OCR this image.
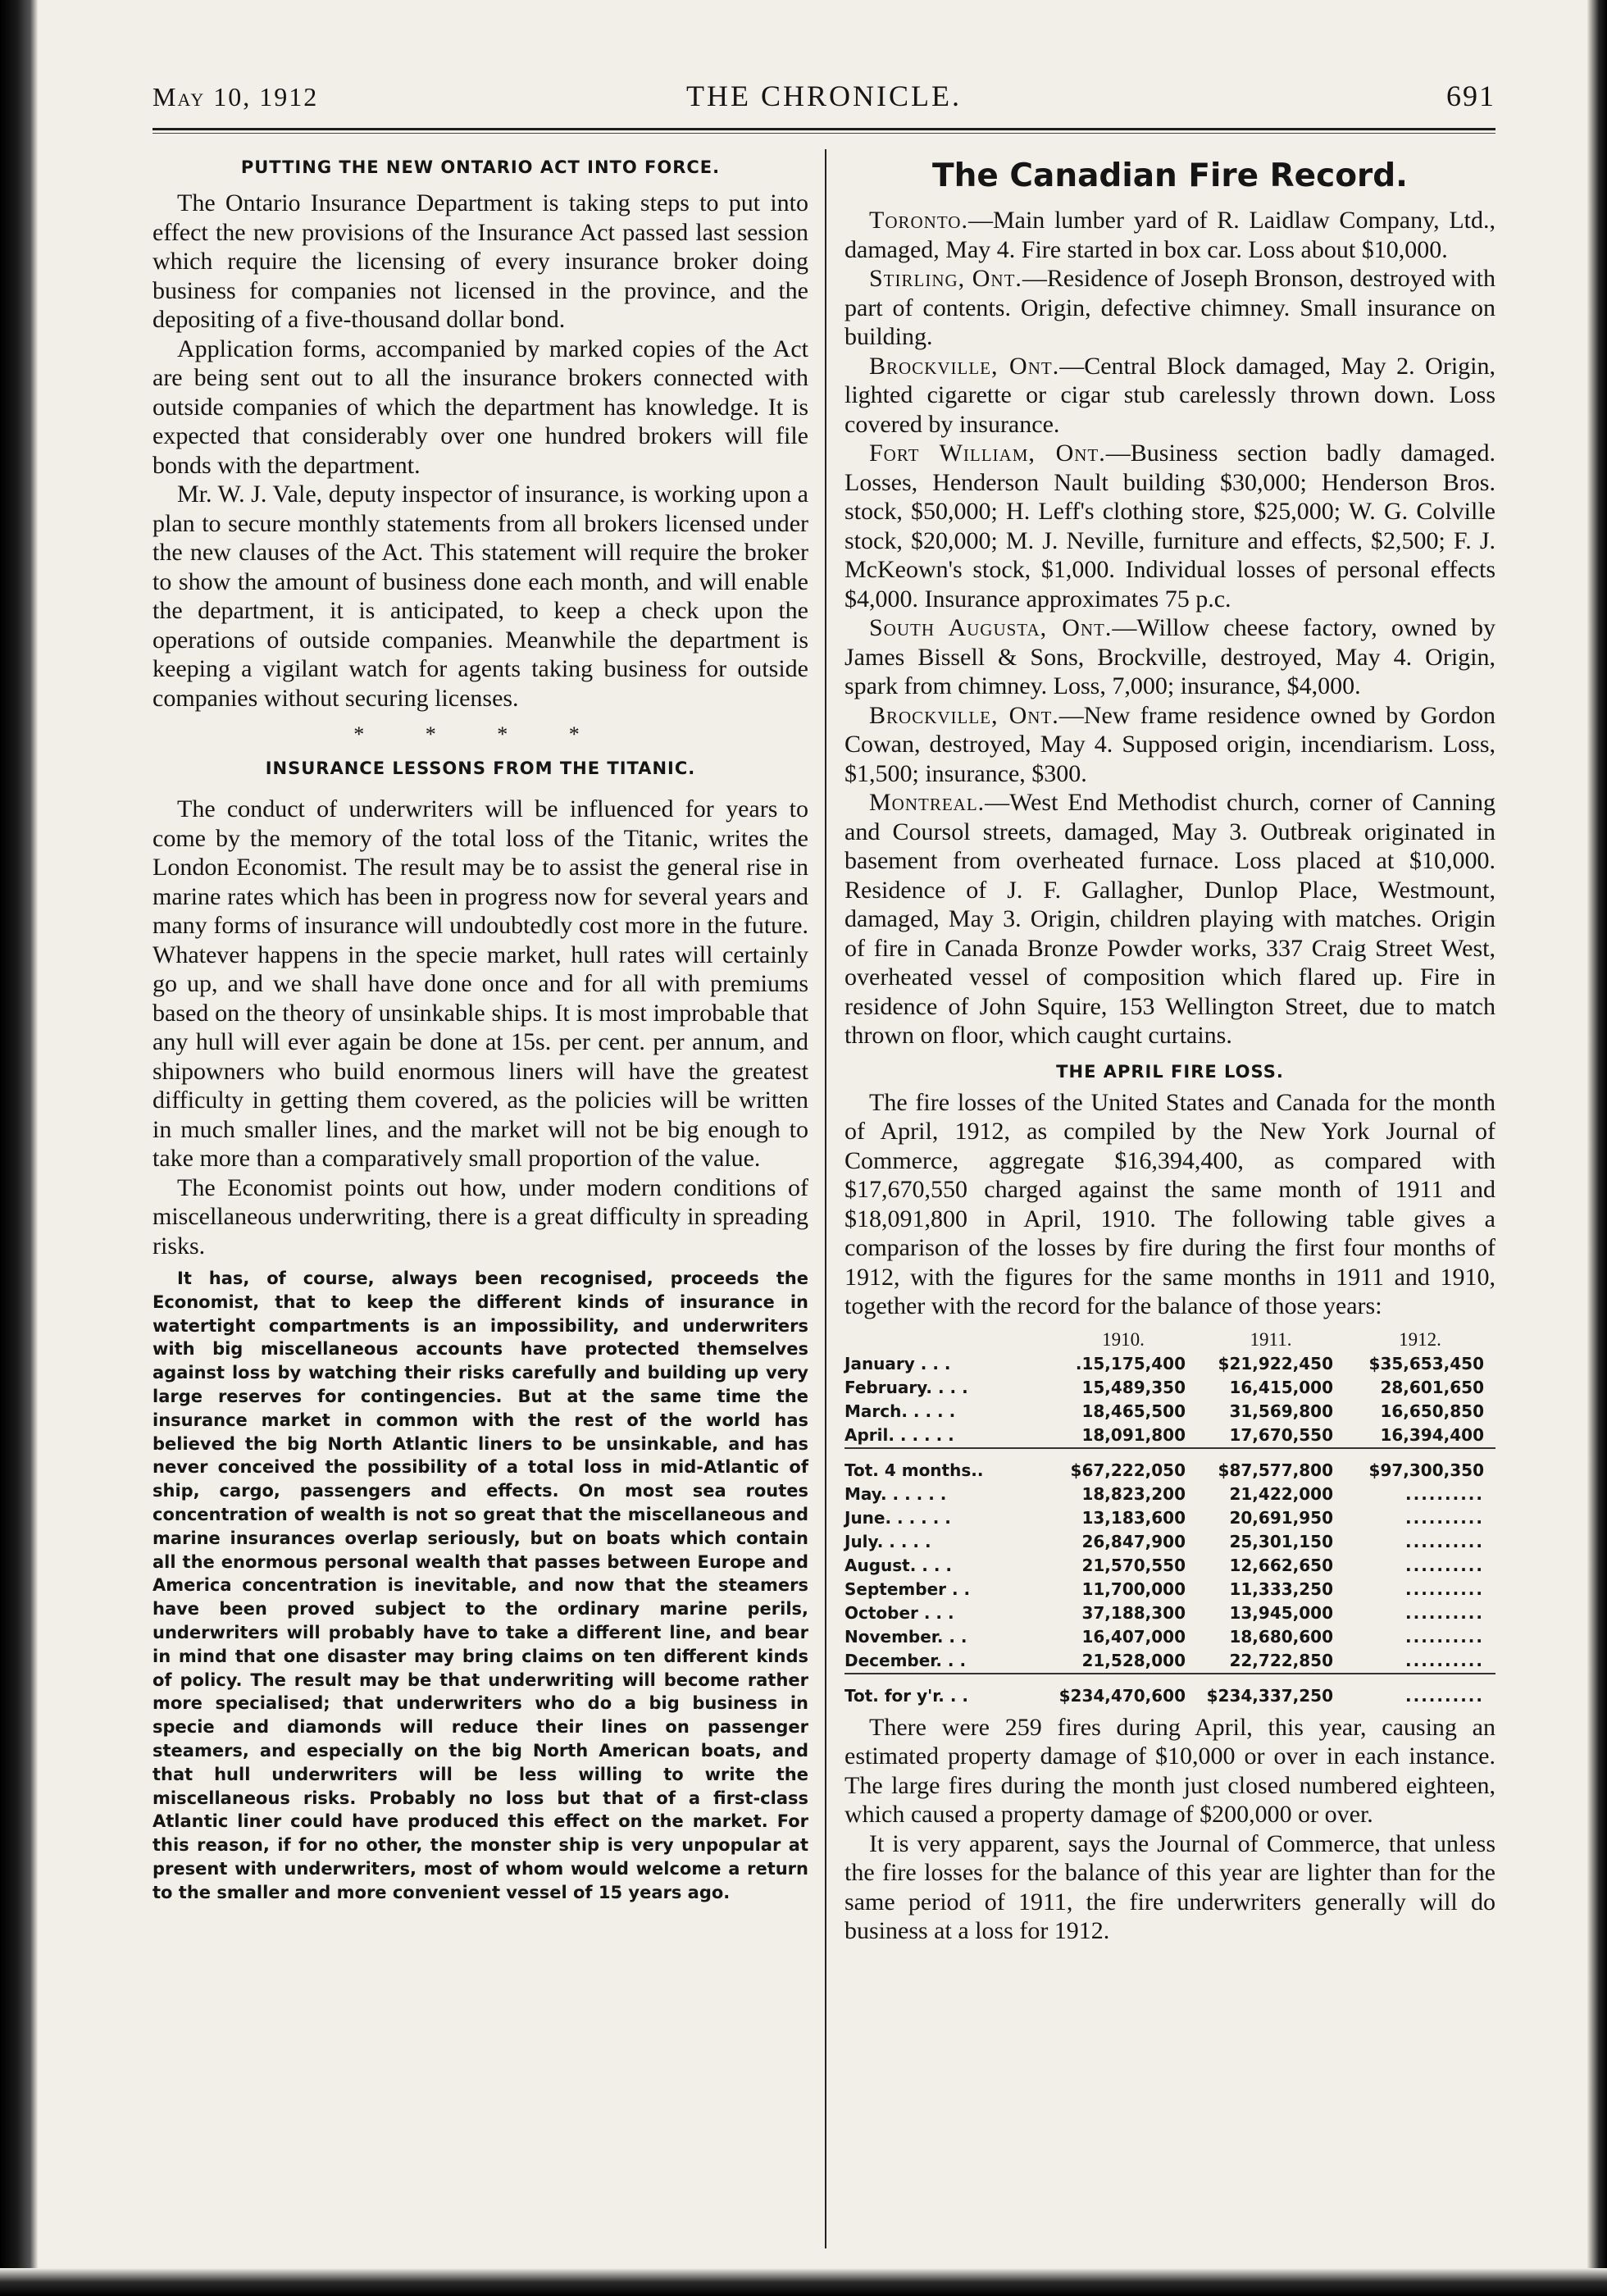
May 10, 1912	THE CHRONICLE.	691
PUTTING THE NEW ONTARIO ACT INTO FORCE.

The Ontario Insurance Department is taking steps to put into effect the new provisions of the Insurance Act passed last session which require the licensing of every insurance broker doing business for companies not licensed in the province, and the depositing of a five-thousand dollar bond.

Application forms, accompanied by marked copies of the Act are being sent out to all the insurance brokers connected with outside companies of which the department has knowledge. It is expected that considerably over one hundred brokers will file bonds with the department.

Mr. W. J. Vale, deputy inspector of insurance, is working upon a plan to secure monthly statements from all brokers licensed under the new clauses of the Act. This statement will require the broker to show the amount of business done each month, and will enable the department, it is anticipated, to keep a check upon the operations of outside companies. Meanwhile the department is keeping a vigilant watch for agents taking business for outside companies without securing licenses.

* * * *
INSURANCE LESSONS FROM THE TITANIC.

The conduct of underwriters will be influenced for years to come by the memory of the total loss of the Titanic, writes the London Economist. The result may be to assist the general rise in marine rates which has been in progress now for several years and many forms of insurance will undoubtedly cost more in the future. Whatever happens in the specie market, hull rates will certainly go up, and we shall have done once and for all with premiums based on the theory of unsinkable ships. It is most improbable that any hull will ever again be done at 15s. per cent. per annum, and shipowners who build enormous liners will have the greatest difficulty in getting them covered, as the policies will be written in much smaller lines, and the market will not be big enough to take more than a comparatively small proportion of the value.

The Economist points out how, under modern conditions of miscellaneous underwriting, there is a great difficulty in spreading risks.

It has, of course, always been recognised, proceeds the Economist, that to keep the different kinds of insurance in watertight compartments is an impossibility, and underwriters with big miscellaneous accounts have protected themselves against loss by watching their risks carefully and building up very large reserves for contingencies. But at the same time the insurance market in common with the rest of the world has believed the big North Atlantic liners to be unsinkable, and has never conceived the possibility of a total loss in mid-Atlantic of ship, cargo, passengers and effects. On most sea routes concentration of wealth is not so great that the miscellaneous and marine insurances overlap seriously, but on boats which contain all the enormous personal wealth that passes between Europe and America concentration is inevitable, and now that the steamers have been proved subject to the ordinary marine perils, underwriters will probably have to take a different line, and bear in mind that one disaster may bring claims on ten different kinds of policy. The result may be that underwriting will become rather more specialised; that underwriters who do a big business in specie and diamonds will reduce their lines on passenger steamers, and especially on the big North American boats, and that hull underwriters will be less willing to write the miscellaneous risks. Probably no loss but that of a first-class Atlantic liner could have produced this effect on the market. For this reason, if for no other, the monster ship is very unpopular at present with underwriters, most of whom would welcome a return to the smaller and more convenient vessel of 15 years ago.

The Canadian Fire Record.

Toronto.—Main lumber yard of R. Laidlaw Company, Ltd., damaged, May 4. Fire started in box car. Loss about $10,000.

Stirling, Ont.—Residence of Joseph Bronson, destroyed with part of contents. Origin, defective chimney. Small insurance on building.

Brockville, Ont.—Central Block damaged, May 2. Origin, lighted cigarette or cigar stub carelessly thrown down. Loss covered by insurance.

Fort William, Ont.—Business section badly damaged. Losses, Henderson Nault building $30,000; Henderson Bros. stock, $50,000; H. Leff's clothing store, $25,000; W. G. Colville stock, $20,000; M. J. Neville, furniture and effects, $2,500; F. J. McKeown's stock, $1,000. Individual losses of personal effects $4,000. Insurance approximates 75 p.c.

South Augusta, Ont.—Willow cheese factory, owned by James Bissell & Sons, Brockville, destroyed, May 4. Origin, spark from chimney. Loss, 7,000; insurance, $4,000.

Brockville, Ont.—New frame residence owned by Gordon Cowan, destroyed, May 4. Supposed origin, incendiarism. Loss, $1,500; insurance, $300.

Montreal.—West End Methodist church, corner of Canning and Coursol streets, damaged, May 3. Outbreak originated in basement from overheated furnace. Loss placed at $10,000. Residence of J. F. Gallagher, Dunlop Place, Westmount, damaged, May 3. Origin, children playing with matches. Origin of fire in Canada Bronze Powder works, 337 Craig Street West, overheated vessel of composition which flared up. Fire in residence of John Squire, 153 Wellington Street, due to match thrown on floor, which caught curtains.

THE APRIL FIRE LOSS.

The fire losses of the United States and Canada for the month of April, 1912, as compiled by the New York Journal of Commerce, aggregate $16,394,400, as compared with $17,670,550 charged against the same month of 1911 and $18,091,800 in April, 1910. The following table gives a comparison of the losses by fire during the first four months of 1912, with the figures for the same months in 1911 and 1910, together with the record for the balance of those years:

	1910.	1911.	1912.
January . . .	.15,175,400	$21,922,450	$35,653,450
February. . . .	15,489,350	16,415,000	28,601,650
March. . . . .	18,465,500	31,569,800	16,650,850
April. . . . . .	18,091,800	17,670,550	16,394,400
Tot. 4 months..	$67,222,050	$87,577,800	$97,300,350
May. . . . . .	18,823,200	21,422,000	..........
June. . . . . .	13,183,600	20,691,950	..........
July. . . . .	26,847,900	25,301,150	..........
August. . . .	21,570,550	12,662,650	..........
September . .	11,700,000	11,333,250	..........
October . . .	37,188,300	13,945,000	..........
November. . .	16,407,000	18,680,600	..........
December. . .	21,528,000	22,722,850	..........
Tot. for y'r. . .	$234,470,600	$234,337,250	..........

There were 259 fires during April, this year, causing an estimated property damage of $10,000 or over in each instance. The large fires during the month just closed numbered eighteen, which caused a property damage of $200,000 or over.

It is very apparent, says the Journal of Commerce, that unless the fire losses for the balance of this year are lighter than for the same period of 1911, the fire underwriters generally will do business at a loss for 1912.
